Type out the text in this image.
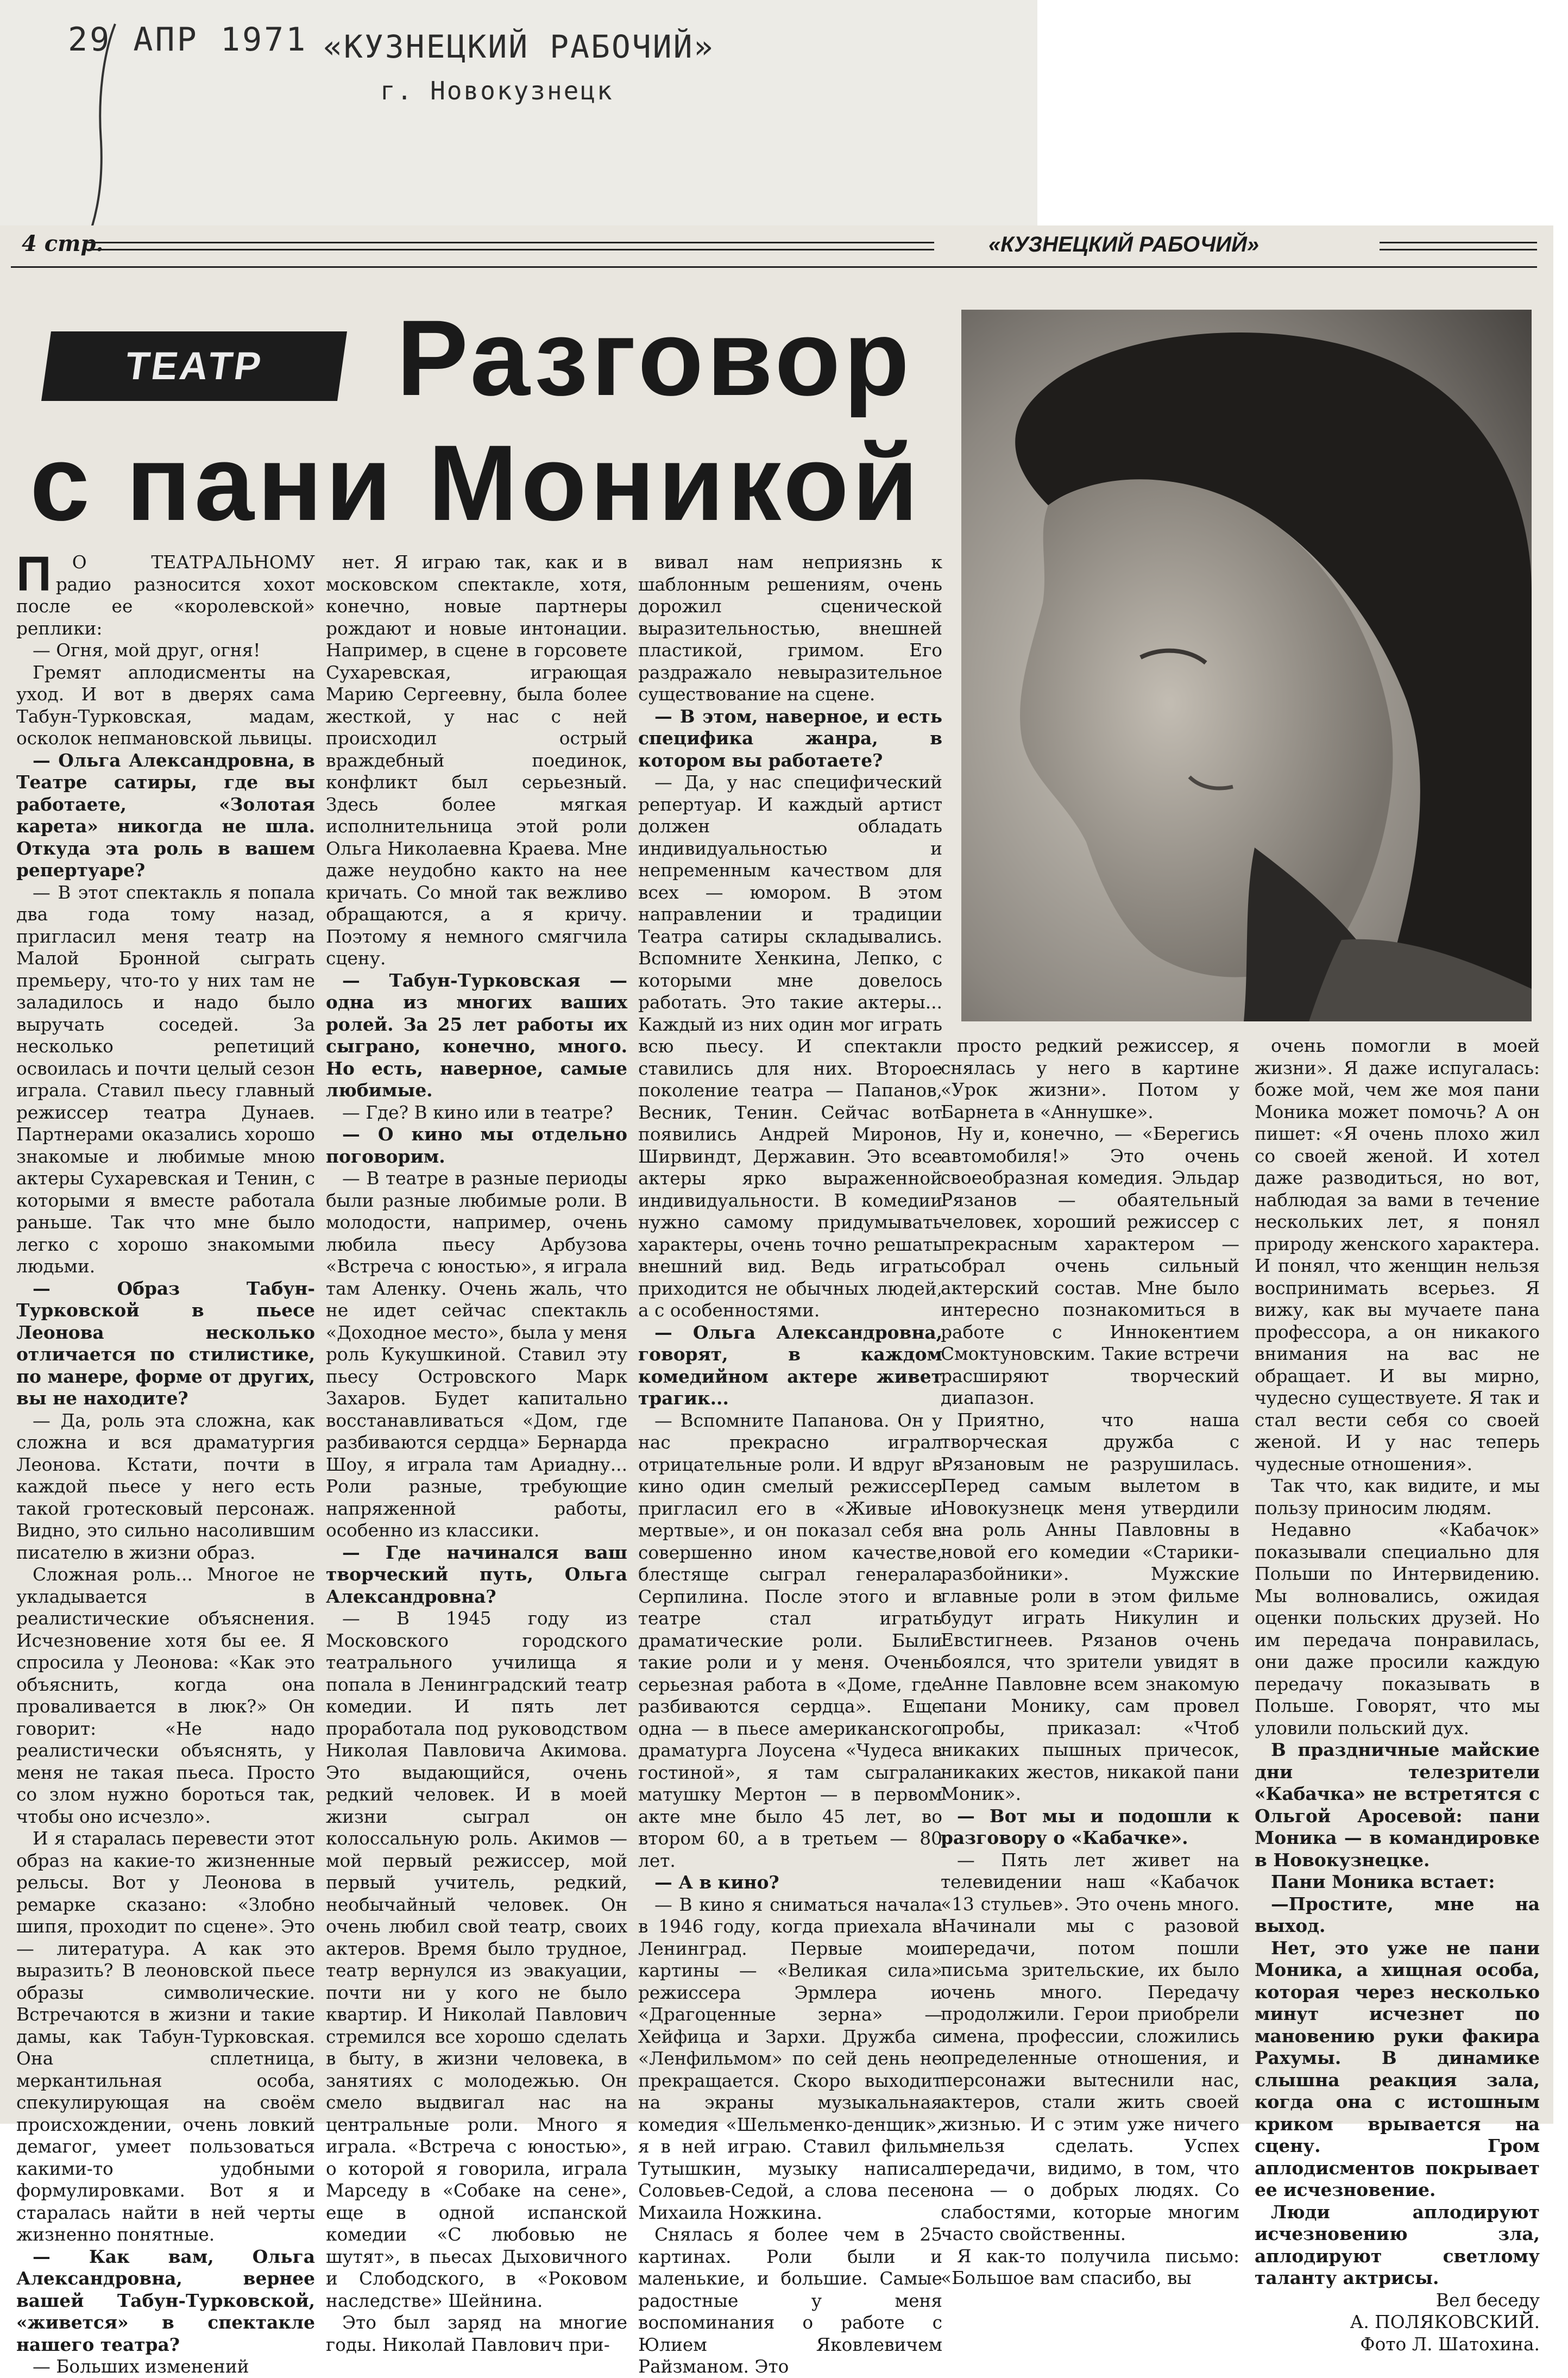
29 АПР 1971 «КУЗНЕЦКИЙ РАБОЧИЙ»
г. Новокузнецк
4 стр.	«КУЗНЕЦКИЙ РАБОЧИЙ»
ТЕАТР Разговор
с пани Моникой
П	О ТЕАТРАЛЬНОМУ радио разносится хохот после ее «королевской» реплики:

— Огня, мой друг, огня!

Гремят аплодисменты на уход. И вот в дверях сама Табун-Турковская, мадам, осколок непмановской львицы.

— Ольга Александровна, в Театре сатиры, где вы работаете, «Золотая карета» никогда не шла. Откуда эта роль в вашем репертуаре?

— В этот спектакль я попала два года тому назад, пригласил меня театр на Малой Бронной сыграть премьеру, что-то у них там не заладилось и надо было выручать соседей. За несколько репетиций освоилась и почти целый сезон играла. Ставил пьесу главный режиссер театра Дунаев. Партнерами оказались хорошо знакомые и любимые мною актеры Сухаревская и Тенин, с которыми я вместе работала раньше. Так что мне было легко с хорошо знакомыми людьми.

— Образ Табун-Турковской в пьесе Леонова несколько отличается по стилистике, по манере, форме от других, вы не находите?

— Да, роль эта сложна, как сложна и вся драматургия Леонова. Кстати, почти в каждой пьесе у него есть такой гротесковый персонаж. Видно, это сильно насолившим писателю в жизни образ.

Сложная роль... Многое не укладывается в реалистические объяснения. Исчезновение хотя бы ее. Я спросила у Леонова: «Как это объяснить, когда она проваливается в люк?» Он говорит: «Не надо реалистически объяснять, у меня не такая пьеса. Просто со злом нужно бороться так, чтобы оно исчезло».

И я старалась перевести этот образ на какие-то жизненные рельсы. Вот у Леонова в ремарке сказано: «Злобно шипя, проходит по сцене». Это — литература. А как это выразить? В леоновской пьесе образы символические. Встречаются в жизни и такие дамы, как Табун-Турковская. Она сплетница, меркантильная особа, спекулирующая на своём происхождении, очень ловкий демагог, умеет пользоваться какими-то удобными формулировками. Вот я и старалась найти в ней черты жизненно понятные.

— Как вам, Ольга Александровна, вернее вашей Табун-Турковской, «живется» в спектакле нашего театра?

— Больших изменений

нет. Я играю так, как и в московском спектакле, хотя, конечно, новые партнеры рождают и новые интонации. Например, в сцене в горсовете Сухаревская, играющая Марию Сергеевну, была более жесткой, у нас с ней происходил острый враждебный поединок, конфликт был серьезный. Здесь более мягкая исполнительница этой роли Ольга Николаевна Краева. Мне даже неудобно както на нее кричать. Со мной так вежливо обращаются, а я кричу. Поэтому я немного смягчила сцену.

— Табун-Турковская — одна из многих ваших ролей. За 25 лет работы их сыграно, конечно, много. Но есть, наверное, самые любимые.

— Где? В кино или в театре?

— О кино мы отдельно поговорим.

— В театре в разные периоды были разные любимые роли. В молодости, например, очень любила пьесу Арбузова «Встреча с юностью», я играла там Аленку. Очень жаль, что не идет сейчас спектакль «Доходное место», была у меня роль Кукушкиной. Ставил эту пьесу Островского Марк Захаров. Будет капитально восстанавливаться «Дом, где разбиваются сердца» Бернарда Шоу, я играла там Ариадну... Роли разные, требующие напряженной работы, особенно из классики.

— Где начинался ваш творческий путь, Ольга Александровна?

— В 1945 году из Московского городского театрального училища я попала в Ленинградский театр комедии. И пять лет проработала под руководством Николая Павловича Акимова. Это выдающийся, очень редкий человек. И в моей жизни сыграл он колоссальную роль. Акимов — мой первый режиссер, мой первый учитель, редкий, необычайный человек. Он очень любил свой театр, своих актеров. Время было трудное, театр вернулся из эвакуации, почти ни у кого не было квартир. И Николай Павлович стремился все хорошо сделать в быту, в жизни человека, в занятиях с молодежью. Он смело выдвигал нас на центральные роли. Много я играла. «Встреча с юностью», о которой я говорила, играла Марседу в «Собаке на сене», еще в одной испанской комедии «С любовью не шутят», в пьесах Дыховичного и Слободского, в «Роковом наследстве» Шейнина.

Это был заряд на многие годы. Николай Павлович при-

вивал нам неприязнь к шаблонным решениям, очень дорожил сценической выразительностью, внешней пластикой, гримом. Его раздражало невыразительное существование на сцене.

— В этом, наверное, и есть специфика жанра, в котором вы работаете?

— Да, у нас специфический репертуар. И каждый артист должен обладать индивидуальностью и непременным качеством для всех — юмором. В этом направлении и традиции Театра сатиры складывались. Вспомните Хенкина, Лепко, с которыми мне довелось работать. Это такие актеры... Каждый из них один мог играть всю пьесу. И спектакли ставились для них. Второе поколение театра — Папанов, Весник, Тенин. Сейчас вот появились Андрей Миронов, Ширвиндт, Державин. Это все актеры ярко выраженной индивидуальности. В комедии нужно самому придумывать характеры, очень точно решать внешний вид. Ведь играть приходится не обычных людей, а с особенностями.

— Ольга Александровна, говорят, в каждом комедийном актере живет трагик...

— Вспомните Папанова. Он у нас прекрасно играл отрицательные роли. И вдруг в кино один смелый режиссер пригласил его в «Живые и мертвые», и он показал себя в совершенно ином качестве, блестяще сыграл генерала Серпилина. После этого и в театре стал играть драматические роли. Были такие роли и у меня. Очень серьезная работа в «Доме, где разбиваются сердца». Еще одна — в пьесе американского драматурга Лоусена «Чудеса в гостиной», я там сыграла матушку Мертон — в первом акте мне было 45 лет, во втором 60, а в третьем — 80 лет.

— А в кино?

— В кино я сниматься начала в 1946 году, когда приехала в Ленинград. Первые мои картины — «Великая сила» режиссера Эрмлера и «Драгоценные зерна» — Хейфица и Зархи. Дружба с «Ленфильмом» по сей день не прекращается. Скоро выходит на экраны музыкальная комедия «Шельменко-денщик», я в ней играю. Ставил фильм Тутышкин, музыку написал Соловьев-Седой, а слова песен Михаила Ножкина.

Снялась я более чем в 25 картинах. Роли были и маленькие, и большие. Самые радостные у меня воспоминания о работе с Юлием Яковлевичем Райзманом. Это

просто редкий режиссер, я снялась у него в картине «Урок жизни». Потом у Барнета в «Аннушке».

Ну и, конечно, — «Берегись автомобиля!» Это очень своеобразная комедия. Эльдар Рязанов — обаятельный человек, хороший режиссер с прекрасным характером — собрал очень сильный актерский состав. Мне было интересно познакомиться в работе с Иннокентием Смоктуновским. Такие встречи расширяют творческий диапазон.

Приятно, что наша творческая дружба с Рязановым не разрушилась. Перед самым вылетом в Новокузнецк меня утвердили на роль Анны Павловны в новой его комедии «Старики-разбойники». Мужские главные роли в этом фильме будут играть Никулин и Евстигнеев. Рязанов очень боялся, что зрители увидят в Анне Павловне всем знакомую пани Монику, сам провел пробы, приказал: «Чтоб никаких пышных причесок, никаких жестов, никакой пани Моник».

— Вот мы и подошли к разговору о «Кабачке».

— Пять лет живет на телевидении наш «Кабачок «13 стульев». Это очень много. Начинали мы с разовой передачи, потом пошли письма зрительские, их было очень много. Передачу продолжили. Герои приобрели имена, профессии, сложились определенные отношения, и персонажи вытеснили нас, актеров, стали жить своей жизнью. И с этим уже ничего нельзя сделать. Успех передачи, видимо, в том, что она — о добрых людях. Со слабостями, которые многим часто свойственны.

Я как-то получила письмо: «Большое вам спасибо, вы

очень помогли в моей жизни». Я даже испугалась: боже мой, чем же моя пани Моника может помочь? А он пишет: «Я очень плохо жил со своей женой. И хотел даже разводиться, но вот, наблюдая за вами в течение нескольких лет, я понял природу женского характера. И понял, что женщин нельзя воспринимать всерьез. Я вижу, как вы мучаете пана профессора, а он никакого внимания на вас не обращает. И вы мирно, чудесно существуете. Я так и стал вести себя со своей женой. И у нас теперь чудесные отношения».

Так что, как видите, и мы пользу приносим людям.

Недавно «Кабачок» показывали специально для Польши по Интервидению. Мы волновались, ожидая оценки польских друзей. Но им передача понравилась, они даже просили каждую передачу показывать в Польше. Говорят, что мы уловили польский дух.

В праздничные майские дни телезрители «Кабачка» не встретятся с Ольгой Аросевой: пани Моника — в командировке в Новокузнецке.

Пани Моника встает:

—Простите, мне на выход.

Нет, это уже не пани Моника, а хищная особа, которая через несколько минут исчезнет по мановению руки факира Рахумы. В динамике слышна реакция зала, когда она с истошным криком врывается на сцену. Гром аплодисментов покрывает ее исчезновение.

Люди аплодируют исчезновению зла, аплодируют светлому таланту актрисы.

Вел беседу

А. ПОЛЯКОВСКИЙ.

Фото Л. Шатохина.
